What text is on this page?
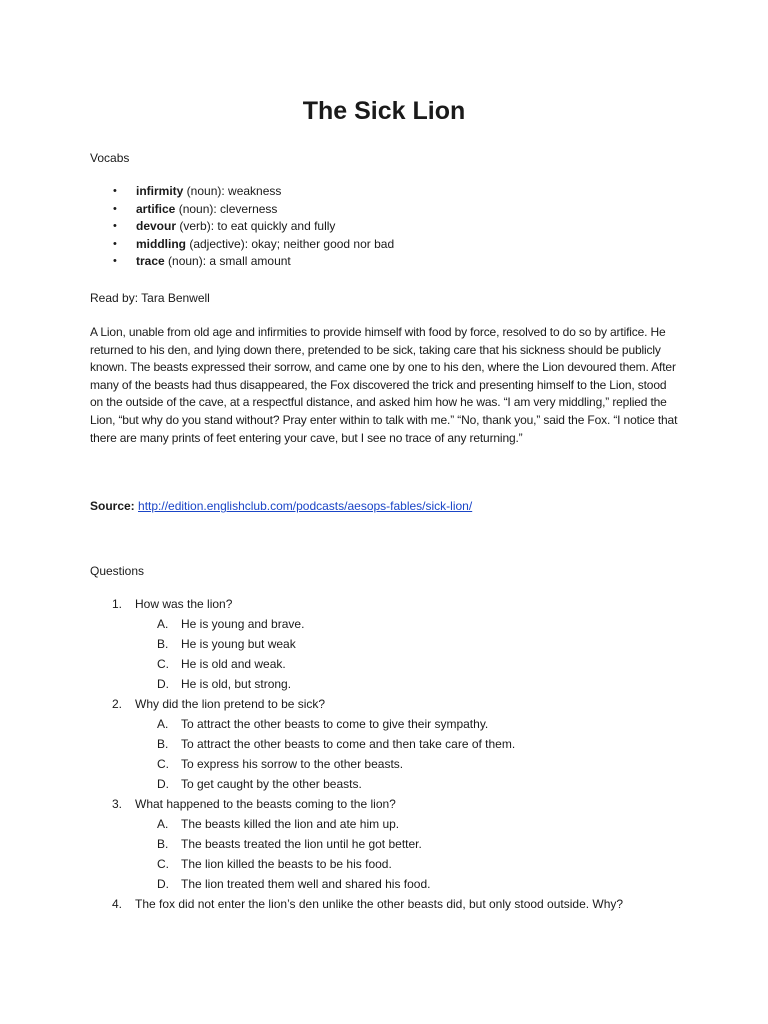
The Sick Lion
Vocabs
• infirmity (noun): weakness
• artifice (noun): cleverness
• devour (verb): to eat quickly and fully
• middling (adjective): okay; neither good nor bad
• trace (noun): a small amount
Read by: Tara Benwell

A Lion, unable from old age and infirmities to provide himself with food by force, resolved to do so by artifice. He returned to his den, and lying down there, pretended to be sick, taking care that his sickness should be publicly known. The beasts expressed their sorrow, and came one by one to his den, where the Lion devoured them. After many of the beasts had thus disappeared, the Fox discovered the trick and presenting himself to the Lion, stood on the outside of the cave, at a respectful distance, and asked him how he was. “I am very middling,” replied the Lion, “but why do you stand without? Pray enter within to talk with me.” “No, thank you,” said the Fox. “I notice that there are many prints of feet entering your cave, but I see no trace of any returning.”

Source: http://edition.englishclub.com/podcasts/aesops-fables/sick-lion/
Questions
1. How was the lion?
A. He is young and brave.
B. He is young but weak
C. He is old and weak.
D. He is old, but strong.
2. Why did the lion pretend to be sick?
A. To attract the other beasts to come to give their sympathy.
B. To attract the other beasts to come and then take care of them.
C. To express his sorrow to the other beasts.
D. To get caught by the other beasts.
3. What happened to the beasts coming to the lion?
A. The beasts killed the lion and ate him up.
B. The beasts treated the lion until he got better.
C. The lion killed the beasts to be his food.
D. The lion treated them well and shared his food.
4. The fox did not enter the lion’s den unlike the other beasts did, but only stood outside. Why?
